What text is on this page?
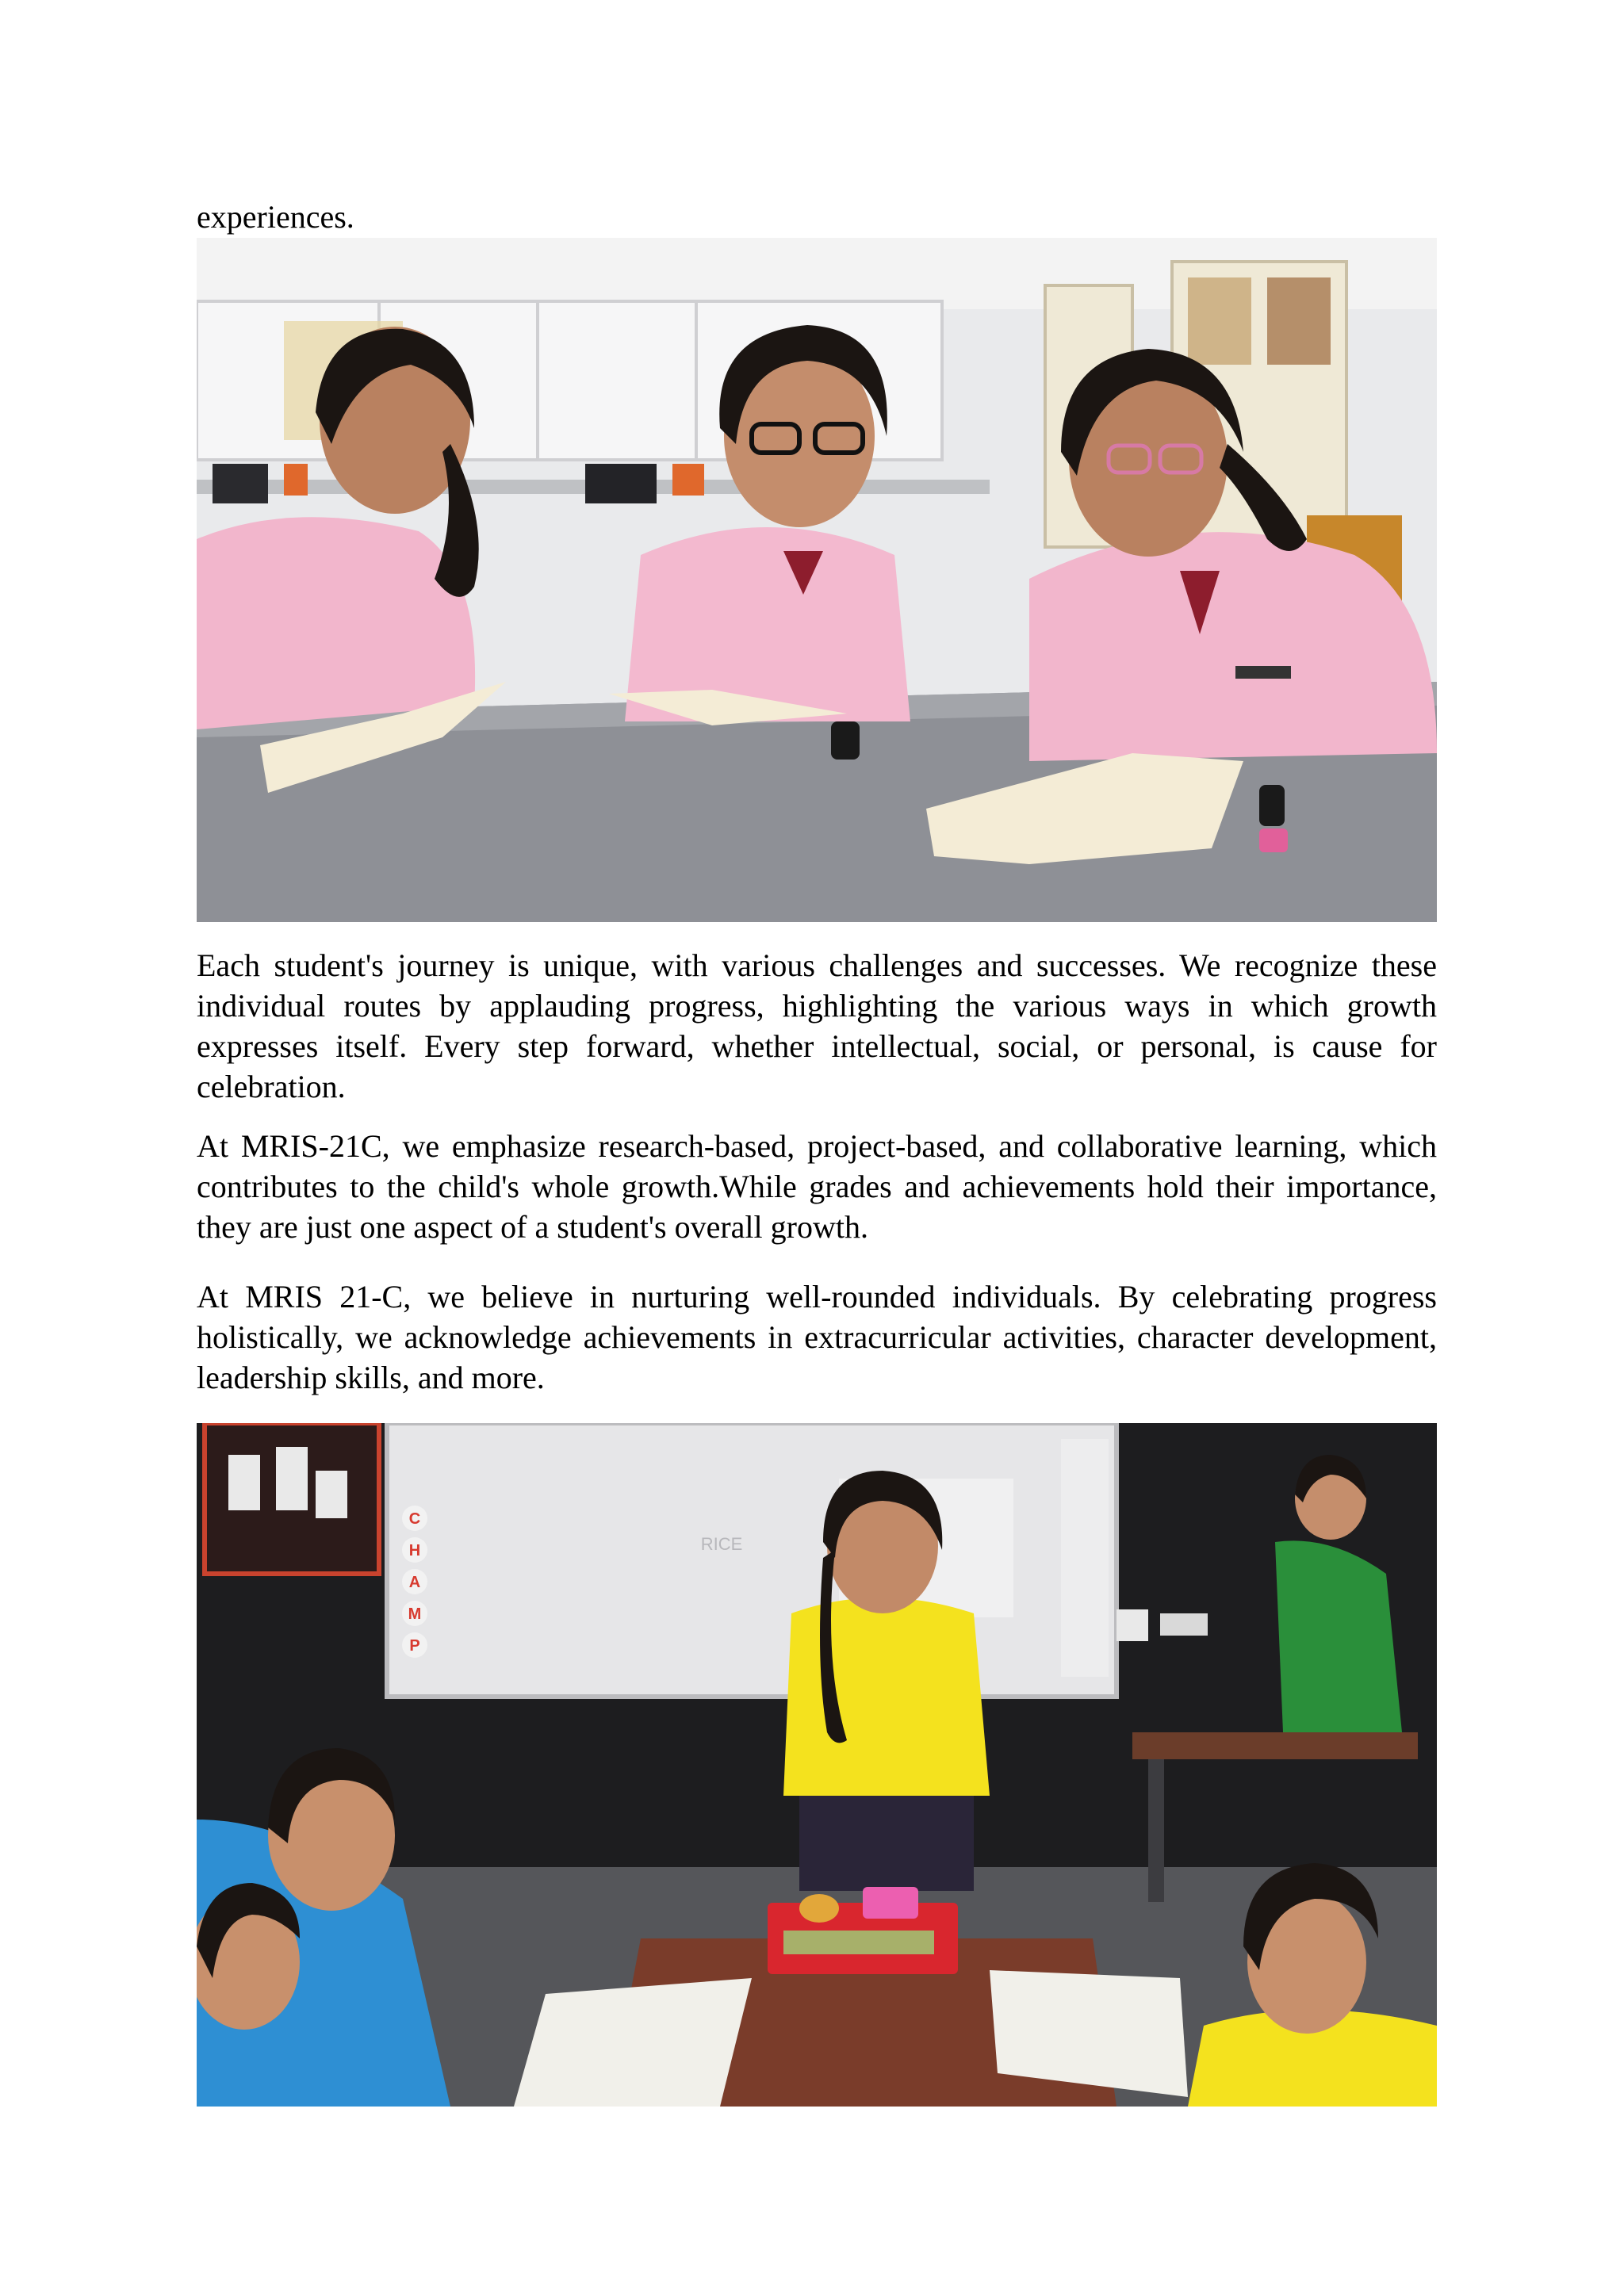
experiences.

Each student's journey is unique, with various challenges and successes. We recognize these individual routes by applauding progress, highlighting the various ways in which growth expresses itself. Every step forward, whether intellectual, social, or personal, is cause for celebration.

At MRIS-21C, we emphasize research-based, project-based, and collaborative learning, which contributes to the child's whole growth.While grades and achievements hold their importance, they are just one aspect of a student's overall growth.

At MRIS 21-C, we believe in nurturing well-rounded individuals. By celebrating progress holistically, we acknowledge achievements in extracurricular activities, character development, leadership skills, and more.

RICE
C
H
A
M
P
